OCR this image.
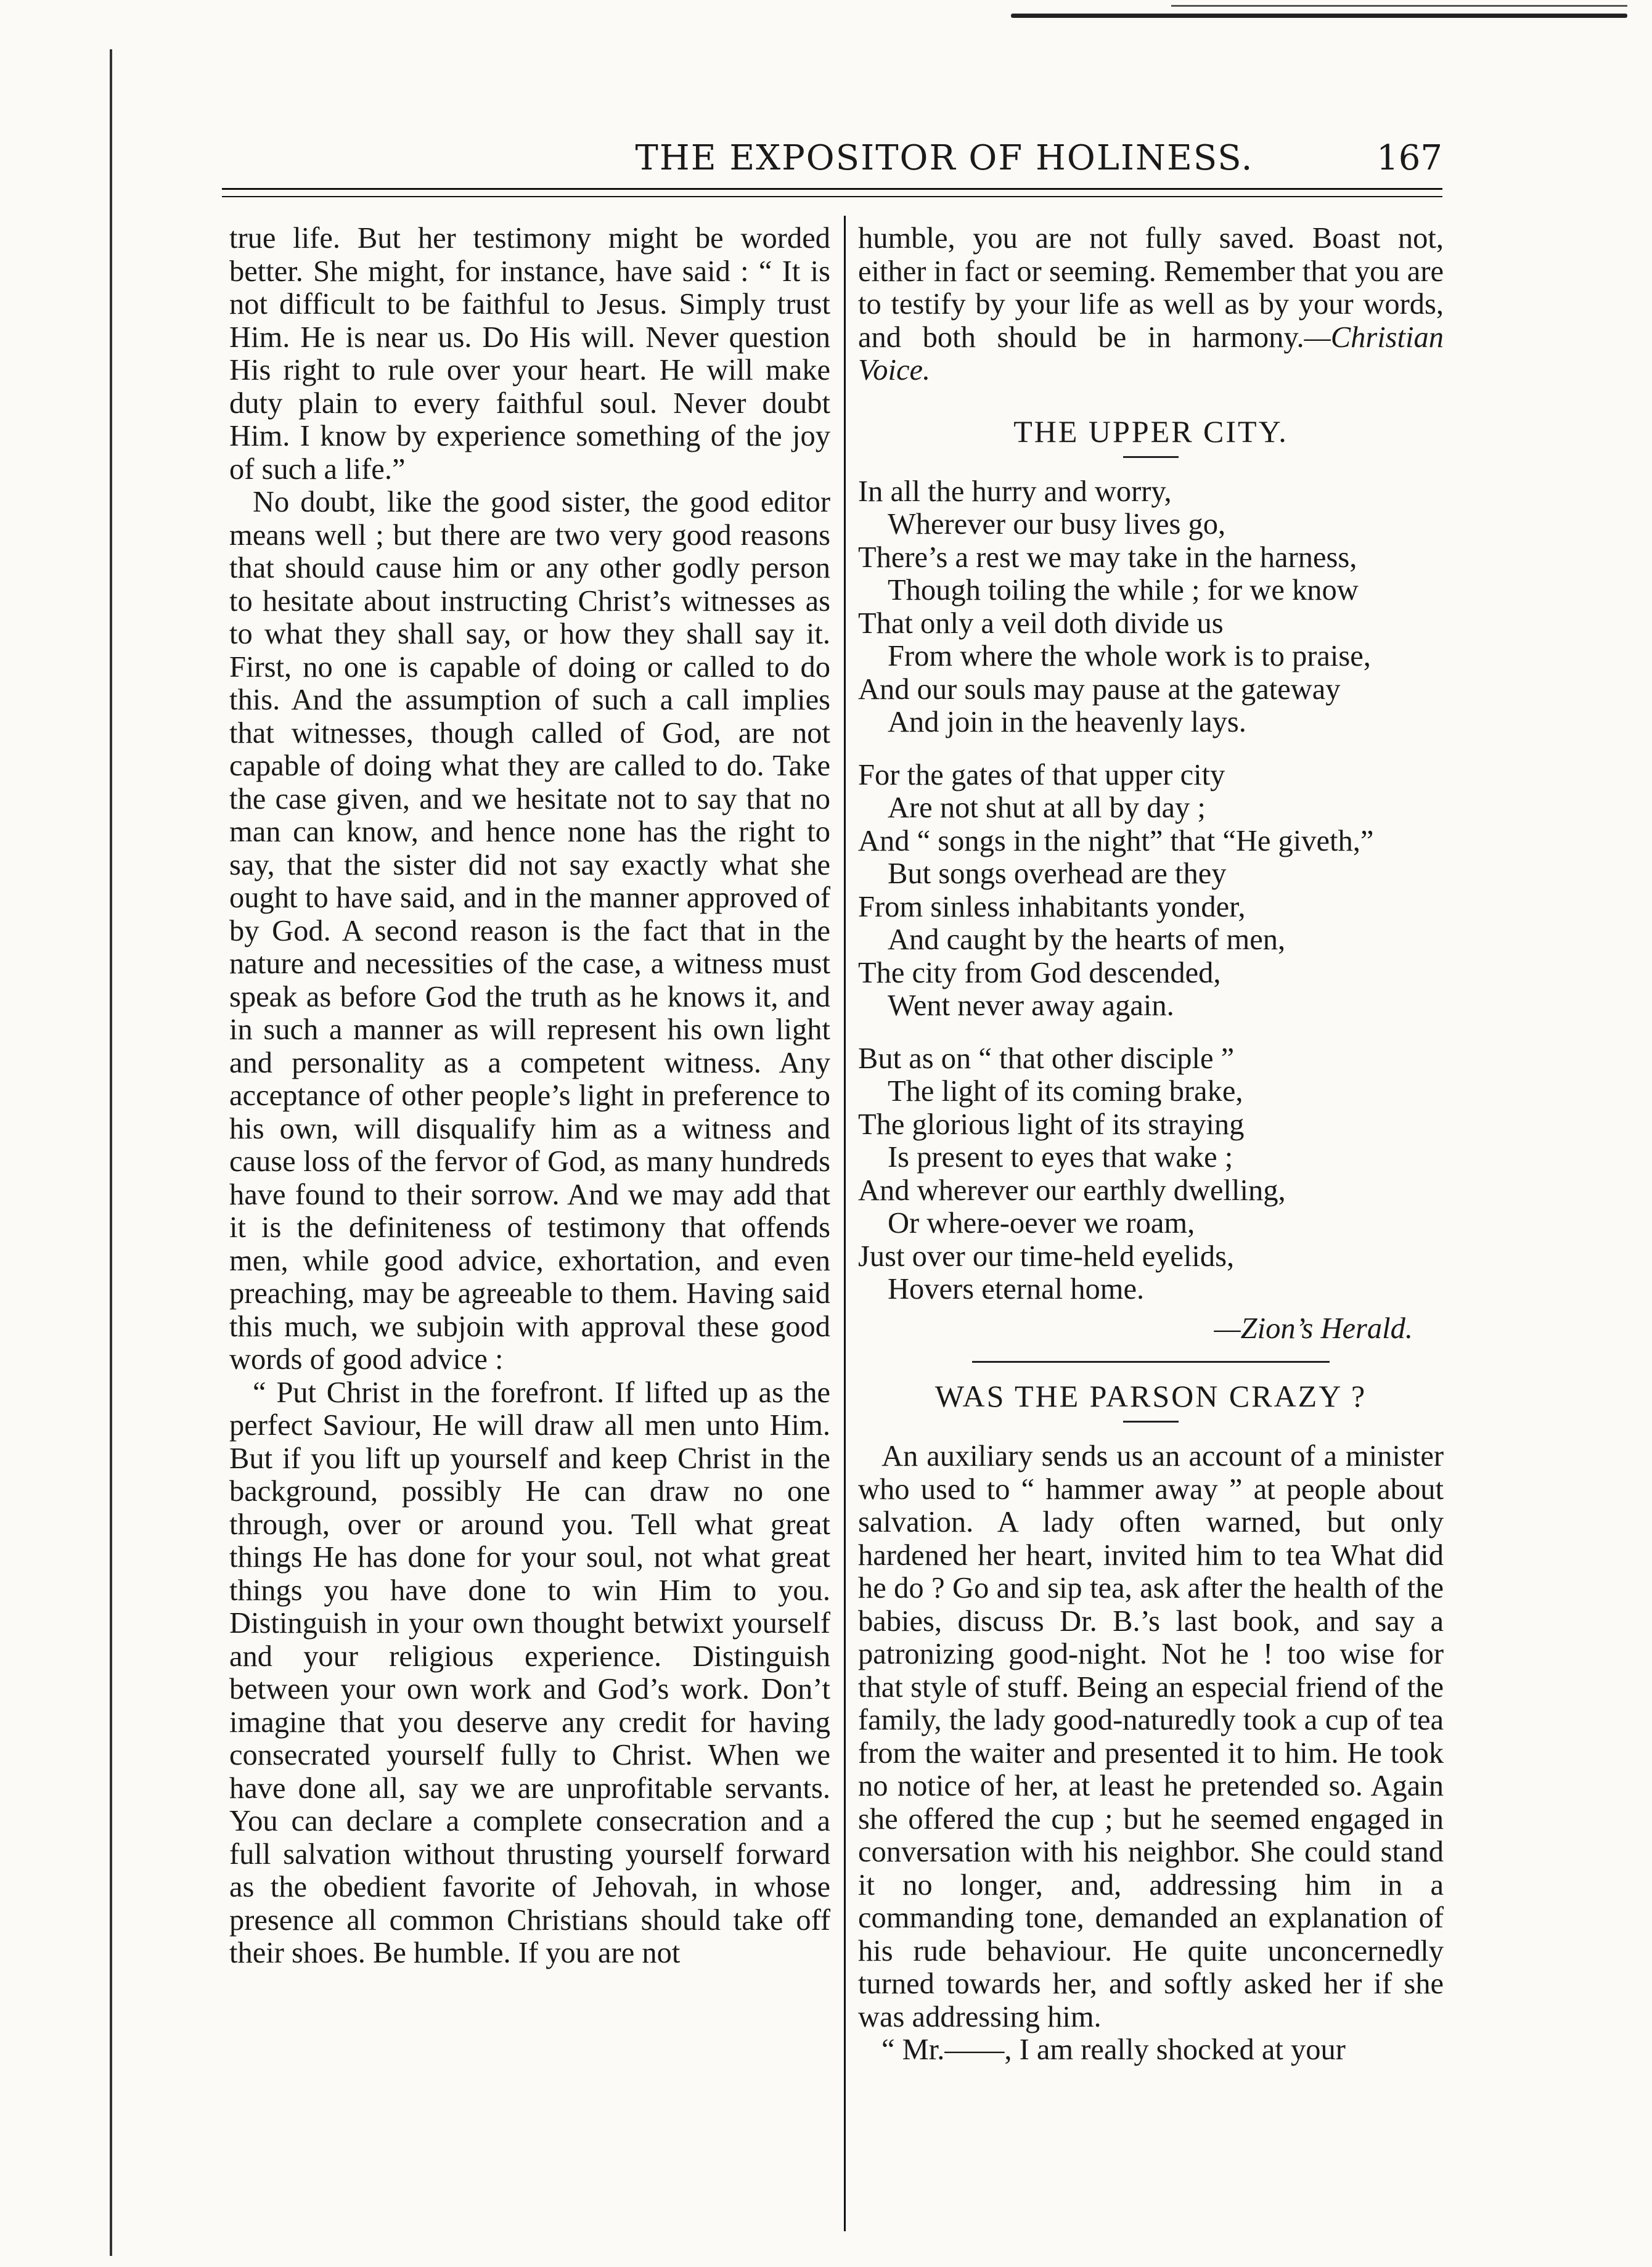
THE EXPOSITOR OF HOLINESS.	167

true life. But her testimony might be worded better. She might, for instance, have said : “ It is not difficult to be faithful to Jesus. Simply trust Him. He is near us. Do His will. Never question His right to rule over your heart. He will make duty plain to every faithful soul. Never doubt Him. I know by experience something of the joy of such a life.”

No doubt, like the good sister, the good editor means well ; but there are two very good reasons that should cause him or any other godly person to hesitate about instructing Christ’s witnesses as to what they shall say, or how they shall say it. First, no one is capable of doing or called to do this. And the assumption of such a call implies that witnesses, though called of God, are not capable of doing what they are called to do. Take the case given, and we hesitate not to say that no man can know, and hence none has the right to say, that the sister did not say exactly what she ought to have said, and in the manner approved of by God. A second reason is the fact that in the nature and necessities of the case, a witness must speak as before God the truth as he knows it, and in such a manner as will represent his own light and personality as a competent witness. Any acceptance of other people’s light in preference to his own, will disqualify him as a witness and cause loss of the fervor of God, as many hundreds have found to their sorrow. And we may add that it is the definiteness of testimony that offends men, while good advice, exhortation, and even preaching, may be agreeable to them. Having said this much, we subjoin with approval these good words of good advice :

“ Put Christ in the forefront. If lifted up as the perfect Saviour, He will draw all men unto Him. But if you lift up yourself and keep Christ in the background, possibly He can draw no one through, over or around you. Tell what great things He has done for your soul, not what great things you have done to win Him to you. Distinguish in your own thought betwixt yourself and your religious experience. Distinguish between your own work and God’s work. Don’t imagine that you deserve any credit for having consecrated yourself fully to Christ. When we have done all, say we are unprofitable servants. You can declare a complete consecration and a full salvation without thrusting yourself forward as the obedient favorite of Jehovah, in whose presence all common Christians should take off their shoes. Be humble. If you are not

humble, you are not fully saved. Boast not, either in fact or seeming. Remember that you are to testify by your life as well as by your words, and both should be in harmony.—Christian Voice.

THE UPPER CITY.
In all the hurry and worry,
Wherever our busy lives go,
There’s a rest we may take in the harness,
Though toiling the while ; for we know
That only a veil doth divide us
From where the whole work is to praise,
And our souls may pause at the gateway
And join in the heavenly lays.
For the gates of that upper city
Are not shut at all by day ;
And “ songs in the night” that “He giveth,”
But songs overhead are they
From sinless inhabitants yonder,
And caught by the hearts of men,
The city from God descended,
Went never away again.
But as on “ that other disciple ”
The light of its coming brake,
The glorious light of its straying
Is present to eyes that wake ;
And wherever our earthly dwelling,
Or where-oever we roam,
Just over our time-held eyelids,
Hovers eternal home.
—Zion’s Herald.
WAS THE PARSON CRAZY ?

An auxiliary sends us an account of a minister who used to “ hammer away ” at people about salvation. A lady often warned, but only hardened her heart, invited him to tea What did he do ? Go and sip tea, ask after the health of the babies, discuss Dr. B.’s last book, and say a patronizing good-night. Not he ! too wise for that style of stuff. Being an especial friend of the family, the lady good-naturedly took a cup of tea from the waiter and presented it to him. He took no notice of her, at least he pretended so. Again she offered the cup ; but he seemed engaged in conversation with his neighbor. She could stand it no longer, and, addressing him in a commanding tone, demanded an explanation of his rude behaviour. He quite unconcernedly turned towards her, and softly asked her if she was addressing him.

“ Mr.——, I am really shocked at your
